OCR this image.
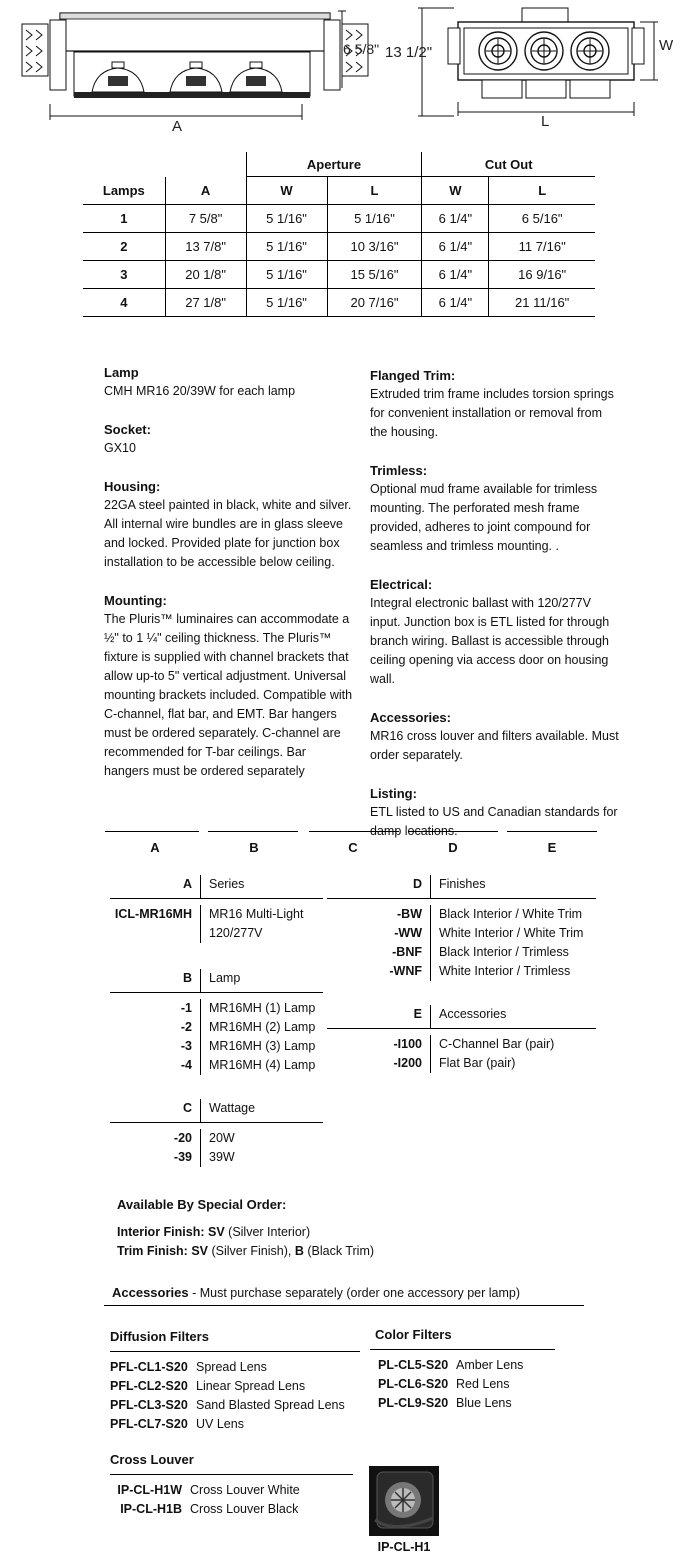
A
6 5/8" 13 1/2"	W
L
		Aperture		Cut Out	
Lamps	A	W	L	W	L
1	7 5/8"	5 1/16"	5 1/16"	6 1/4"	6 5/16"
2	13 7/8"	5 1/16"	10 3/16"	6 1/4"	11 7/16"
3	20 1/8"	5 1/16"	15 5/16"	6 1/4"	16 9/16"
4	27 1/8"	5 1/16"	20 7/16"	6 1/4"	21 11/16"
Lamp

CMH MR16 20/39W for each lamp

Socket:

GX10

Housing:

22GA steel painted in black, white and silver. All internal wire bundles are in glass sleeve and locked. Provided plate for junction box installation to be accessible below ceiling.

Mounting:

The Pluris™ luminaires can accommodate a ½" to 1 ¼" ceiling thickness. The Pluris™ fixture is supplied with channel brackets that allow up-to 5" vertical adjustment. Universal mounting brackets included. Compatible with C-channel, flat bar, and EMT. Bar hangers must be ordered separately. C-channel are recommended for T-bar ceilings. Bar hangers must be ordered separately

Flanged Trim:

Extruded trim frame includes torsion springs for convenient installation or removal from the housing.

Trimless:

Optional mud frame available for trimless mounting. The perforated mesh frame provided, adheres to joint compound for seamless and trimless mounting. .

Electrical:

Integral electronic ballast with 120/277V input. Junction box is ETL listed for through branch wiring. Ballast is accessible through ceiling opening via access door on housing wall.

Accessories:

MR16 cross louver and filters available. Must order separately.

Listing:

ETL listed to US and Canadian standards for damp locations.

A	B	C	D	E
A	Series
ICL-MR16MH	MR16 Multi-Light
120/277V
B	Lamp
-1	MR16MH (1) Lamp
-2	MR16MH (2) Lamp
-3	MR16MH (3) Lamp
-4	MR16MH (4) Lamp
C	Wattage
-20	20W
-39	39W
D	Finishes
-BW	Black Interior / White Trim
-WW	White Interior / White Trim
-BNF	Black Interior / Trimless
-WNF	White Interior / Trimless
E	Accessories
-I100	C-Channel Bar (pair)
-I200	Flat Bar (pair)
Available By Special Order:
Interior Finish: SV (Silver Interior)
Trim Finish: SV (Silver Finish), B (Black Trim)
Accessories - Must purchase separately (order one accessory per lamp)
Diffusion Filters
PFL-CL1-S20 Spread Lens
PFL-CL2-S20 Linear Spread Lens
PFL-CL3-S20 Sand Blasted Spread Lens
PFL-CL7-S20 UV Lens
Color Filters
PL-CL5-S20 Amber Lens
PL-CL6-S20 Red Lens
PL-CL9-S20 Blue Lens
Cross Louver
IP-CL-H1W Cross Louver White
IP-CL-H1B Cross Louver Black
IP-CL-H1
